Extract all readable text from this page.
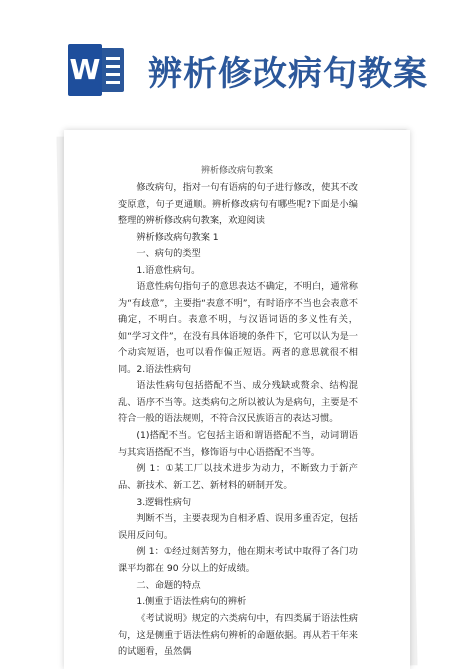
W 辨析修改病句教案
辨析修改病句教案
修改病句，指对一句有语病的句子进行修改，使其不改变原意，句子更通顺。辨析修改病句有哪些呢?下面是小编整理的辨析修改病句教案，欢迎阅读
辨析修改病句教案 1
一、病句的类型
1.语意性病句。
语意性病句指句子的意思表达不确定，不明白，通常称为“有歧意”，主要指“表意不明”，有时语序不当也会表意不确定，不明白。表意不明，与汉语词语的多义性有关，如“学习文件”，在没有具体语境的条件下，它可以认为是一个动宾短语，也可以看作偏正短语。两者的意思就很不相同。 2.语法性病句
语法性病句包括搭配不当、成分残缺或赘余、结构混乱、语序不当等。这类病句之所以被认为是病句，主要是不符合一般的语法规则，不符合汉民族语言的表达习惯。
(1)搭配不当。它包括主语和谓语搭配不当，动词谓语与其宾语搭配不当，修饰语与中心语搭配不当等。
例 1：①某工厂以技术进步为动力，不断致力于新产品、新技术、新工艺、新材料的研制开发。
3.逻辑性病句
判断不当，主要表现为自相矛盾、误用多重否定，包括误用反问句。
例 1：①经过刻苦努力，他在期末考试中取得了各门功课平均都在 90 分以上的好成绩。
二、命题的特点
1.侧重于语法性病句的辨析
《考试说明》规定的六类病句中，有四类属于语法性病句，这是侧重于语法性病句辨析的命题依据。再从若干年来的试题看，虽然偶
